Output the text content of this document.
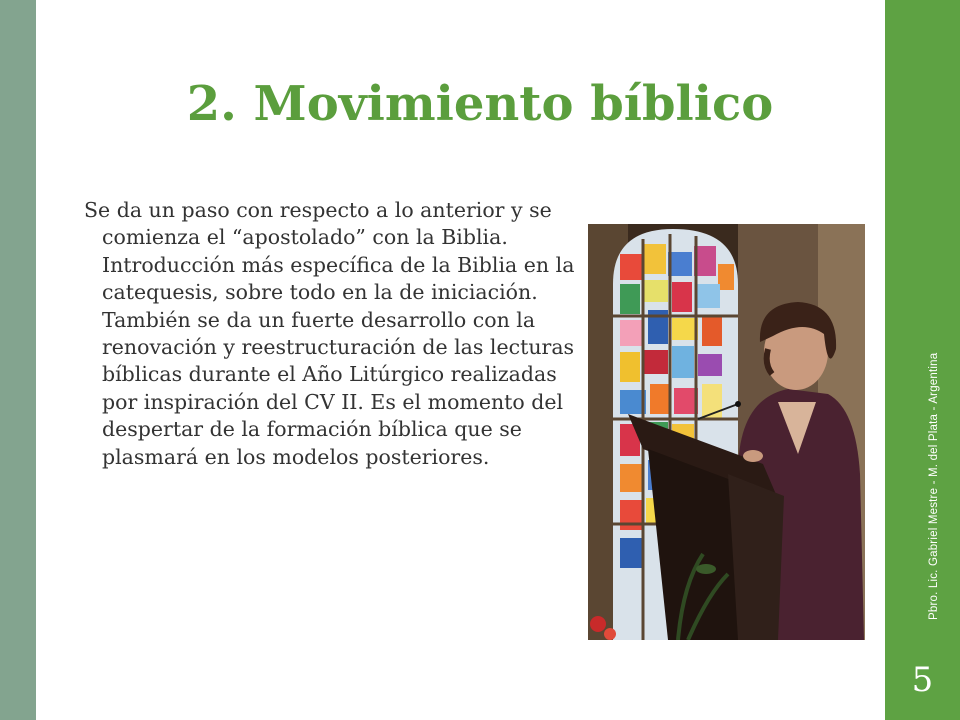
2. Movimiento bíblico

Se da un paso con respecto a lo anterior y se comienza el “apostolado” con la Biblia. Introducción más específica de la Biblia en la catequesis, sobre todo en la de iniciación. También se da un fuerte desarrollo con la renovación y reestructuración de las lecturas bíblicas durante el Año Litúrgico realizadas por inspiración del CV II. Es el momento del despertar de la formación bíblica que se plasmará en los modelos posteriores.	Pbro. Lic. Gabriel Mestre - M. del Plata - Argentina
5
